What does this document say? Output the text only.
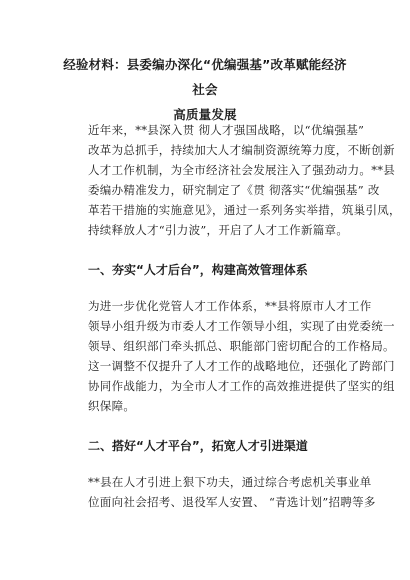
经验材料：县委编办深化“优编强基”改革赋能经济社会
高质量发展
近年来，**县深入贯 彻人才强国战略，以“优编强基”
改革为总抓手，持续加大人才编制资源统筹力度，不断创新
人才工作机制，为全市经济社会发展注入了强劲动力。**县
委编办精准发力，研究制定了《贯 彻落实“优编强基” 改
革若干措施的实施意见》，通过一系列务实举措，筑巢引凤，
持续释放人才“引力波”，开启了人才工作新篇章。
一、夯实“人才后台”，构建高效管理体系
为进一步优化党管人才工作体系，**县将原市人才工作
领导小组升级为市委人才工作领导小组，实现了由党委统一
领导、组织部门牵头抓总、职能部门密切配合的工作格局。
这一调整不仅提升了人才工作的战略地位，还强化了跨部门
协同作战能力，为全市人才工作的高效推进提供了坚实的组
织保障。
二、搭好“人才平台”，拓宽人才引进渠道
**县在人才引进上狠下功夫，通过综合考虑机关事业单
位面向社会招考、退役军人安置、 “青选计划”招聘等多
